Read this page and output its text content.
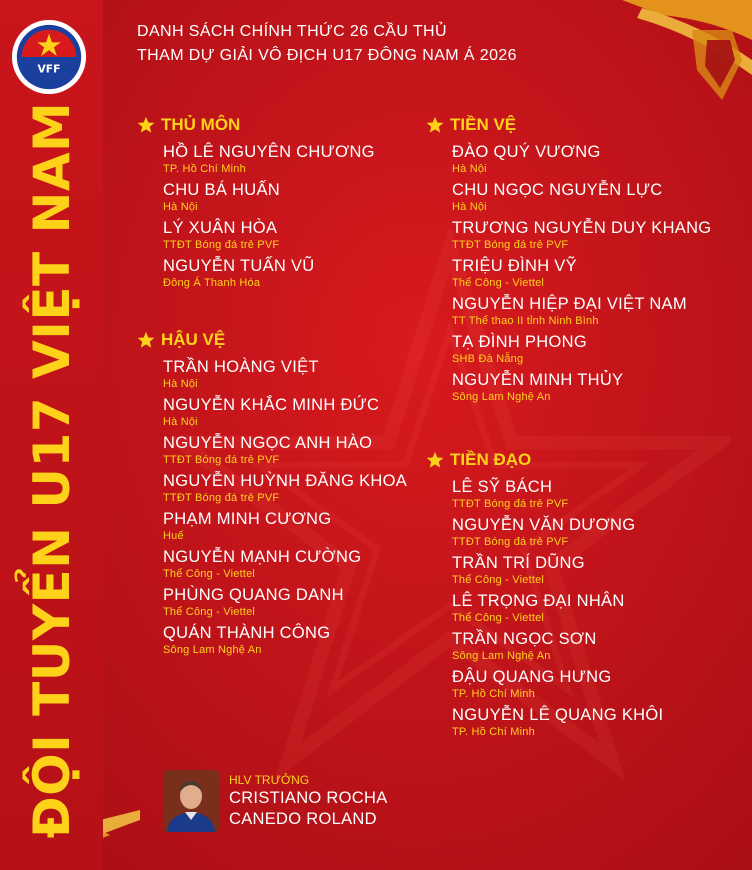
VFF
ĐỘI TUYỂN U17 VIỆT NAM
DANH SÁCH CHÍNH THỨC 26 CẦU THỦ
THAM DỰ GIẢI VÔ ĐỊCH U17 ĐÔNG NAM Á 2026
THỦ MÔN
HỒ LÊ NGUYÊN CHƯƠNG
TP. Hồ Chí Minh
CHU BÁ HUẤN
Hà Nội
LÝ XUÂN HÒA
TTĐT Bóng đá trẻ PVF
NGUYỄN TUẤN VŨ
Đông Á Thanh Hóa
HẬU VỆ
TRẦN HOÀNG VIỆT
Hà Nội
NGUYỄN KHẮC MINH ĐỨC
Hà Nội
NGUYỄN NGỌC ANH HÀO
TTĐT Bóng đá trẻ PVF
NGUYỄN HUỲNH ĐĂNG KHOA
TTĐT Bóng đá trẻ PVF
PHẠM MINH CƯƠNG
Huế
NGUYỄN MẠNH CƯỜNG
Thể Công - Viettel
PHÙNG QUANG DANH
Thể Công - Viettel
QUÁN THÀNH CÔNG
Sông Lam Nghệ An
TIỀN VỆ
ĐÀO QUÝ VƯƠNG
Hà Nội
CHU NGỌC NGUYỄN LỰC
Hà Nội
TRƯƠNG NGUYỄN DUY KHANG
TTĐT Bóng đá trẻ PVF
TRIỆU ĐÌNH VỸ
Thể Công - Viettel
NGUYỄN HIỆP ĐẠI VIỆT NAM
TT Thể thao II tỉnh Ninh Bình
TẠ ĐÌNH PHONG
SHB Đà Nẵng
NGUYỄN MINH THỦY
Sông Lam Nghệ An
TIỀN ĐẠO
LÊ SỸ BÁCH
TTĐT Bóng đá trẻ PVF
NGUYỄN VĂN DƯƠNG
TTĐT Bóng đá trẻ PVF
TRẦN TRÍ DŨNG
Thể Công - Viettel
LÊ TRỌNG ĐẠI NHÂN
Thể Công - Viettel
TRẦN NGỌC SƠN
Sông Lam Nghệ An
ĐẬU QUANG HƯNG
TP. Hồ Chí Minh
NGUYỄN LÊ QUANG KHÔI
TP. Hồ Chí Minh
HLV TRƯỞNG
CRISTIANO ROCHA
CANEDO ROLAND
